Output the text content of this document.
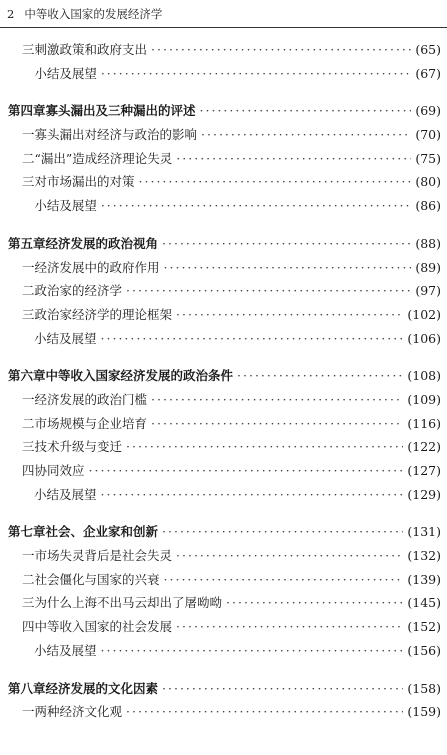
2 中等收入国家的发展经济学
三 刺激政策和政府支出 ·····	(65)
小结及展望 ·····	(67)
第四章 寡头漏出及三种漏出的评述 ·····	(69)
一 寡头漏出对经济与政治的影响 ·····	(70)
二 “漏出”造成经济理论失灵 ·····	(75)
三 对市场漏出的对策 ·····	(80)
小结及展望 ·····	(86)
第五章 经济发展的政治视角 ·····	(88)
一 经济发展中的政府作用 ·····	(89)
二 政治家的经济学 ·····	(97)
三 政治家经济学的理论框架 ·····	(102)
小结及展望 ·····	(106)
第六章 中等收入国家经济发展的政治条件 ·····	(108)
一 经济发展的政治门槛 ·····	(109)
二 市场规模与企业培育 ·····	(116)
三 技术升级与变迁 ·····	(122)
四 协同效应 ·····	(127)
小结及展望 ·····	(129)
第七章 社会、企业家和创新 ·····	(131)
一 市场失灵背后是社会失灵 ·····	(132)
二 社会僵化与国家的兴衰 ·····	(139)
三 为什么上海不出马云却出了屠呦呦 ·····	(145)
四 中等收入国家的社会发展 ·····	(152)
小结及展望 ·····	(156)
第八章 经济发展的文化因素 ·····	(158)
一 两种经济文化观 ·····	(159)
